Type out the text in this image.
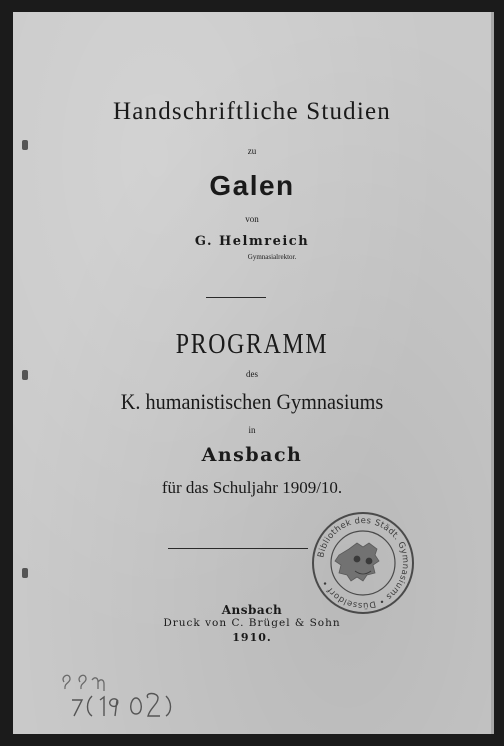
Handschriftliche Studien
zu
Galen
von
G. Helmreich
Gymnasialrektor.
PROGRAMM
des
K. humanistischen Gymnasiums
in
Ansbach
für das Schuljahr 1909/10.
Bibliothek des Städt. Gymnasiums • Düsseldorf •
Ansbach
Druck von C. Brügel & Sohn
1910.
